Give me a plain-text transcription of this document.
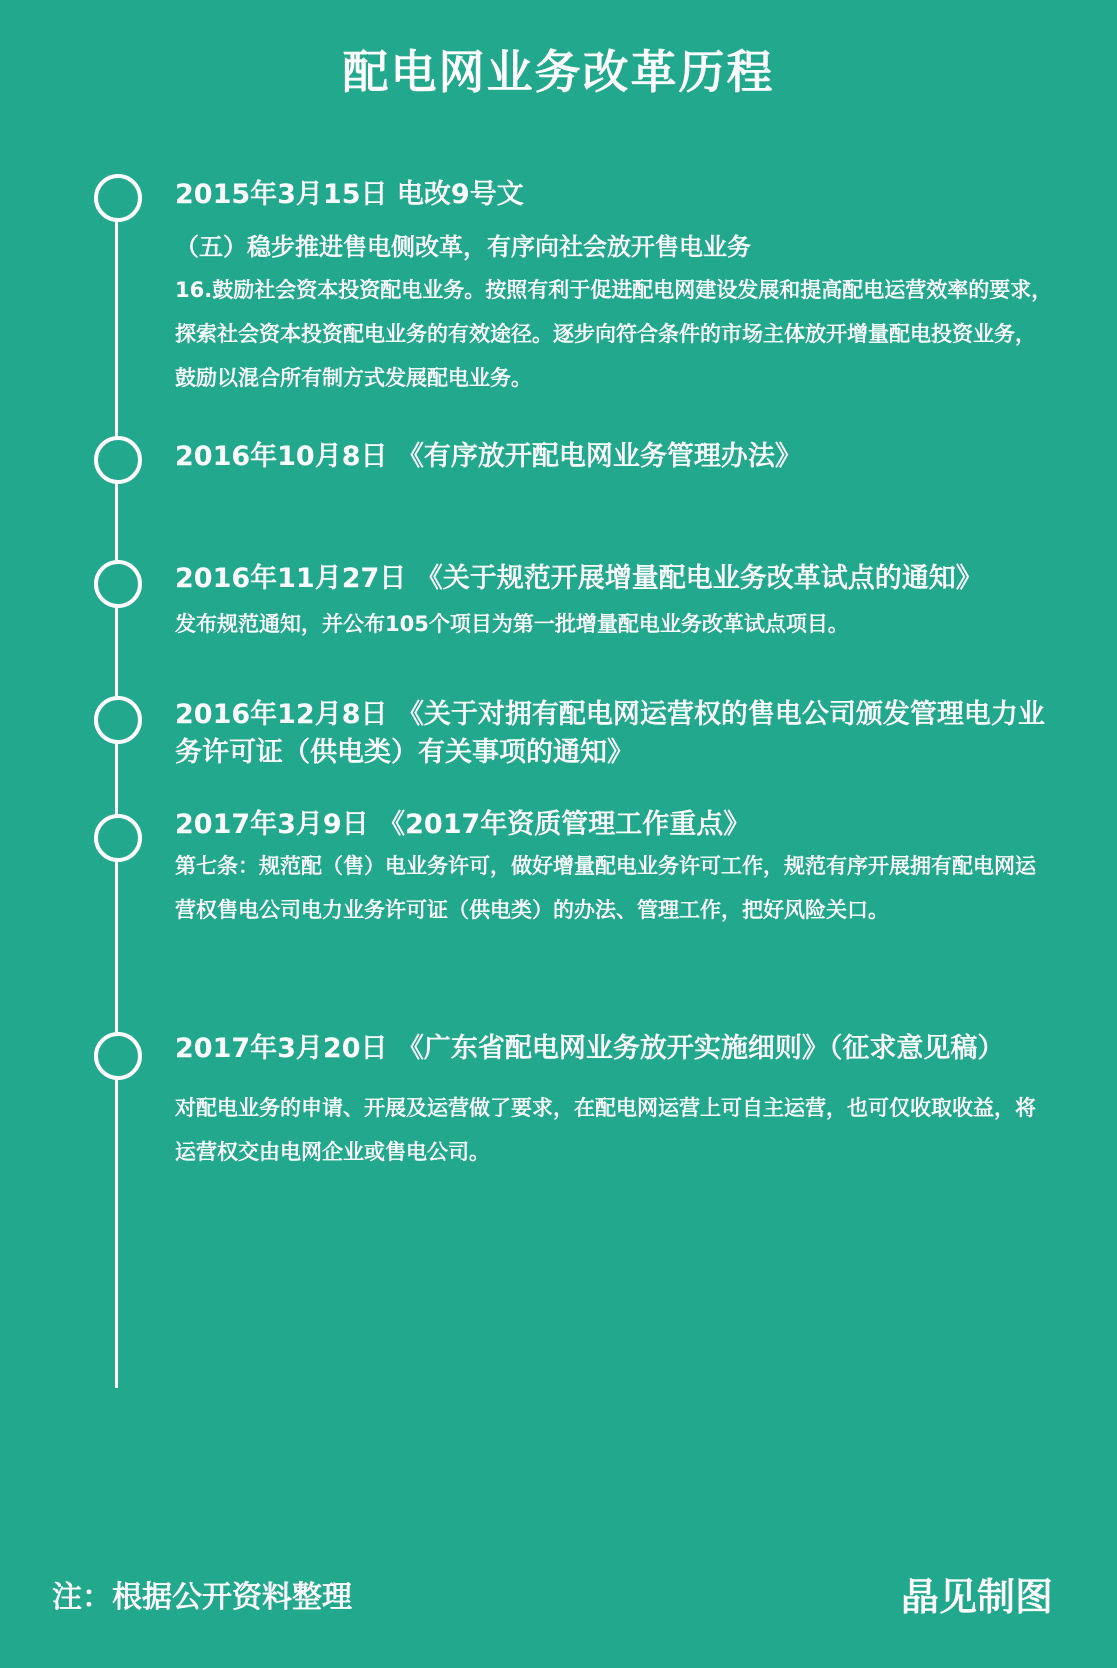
配电网业务改革历程
2015年3月15日 电改9号文
（五）稳步推进售电侧改革，有序向社会放开售电业务
16.鼓励社会资本投资配电业务。按照有利于促进配电网建设发展和提高配电运营效率的要求，探索社会资本投资配电业务的有效途径。逐步向符合条件的市场主体放开增量配电投资业务，鼓励以混合所有制方式发展配电业务。
2016年10月8日 《有序放开配电网业务管理办法》
2016年11月27日 《关于规范开展增量配电业务改革试点的通知》
发布规范通知，并公布105个项目为第一批增量配电业务改革试点项目。
2016年12月8日 《关于对拥有配电网运营权的售电公司颁发管理电力业务许可证（供电类）有关事项的通知》
2017年3月9日 《2017年资质管理工作重点》
第七条：规范配（售）电业务许可，做好增量配电业务许可工作，规范有序开展拥有配电网运营权售电公司电力业务许可证（供电类）的办法、管理工作，把好风险关口。
2017年3月20日 《广东省配电网业务放开实施细则》（征求意见稿）
对配电业务的申请、开展及运营做了要求，在配电网运营上可自主运营，也可仅收取收益，将运营权交由电网企业或售电公司。
注：根据公开资料整理	晶见制图
